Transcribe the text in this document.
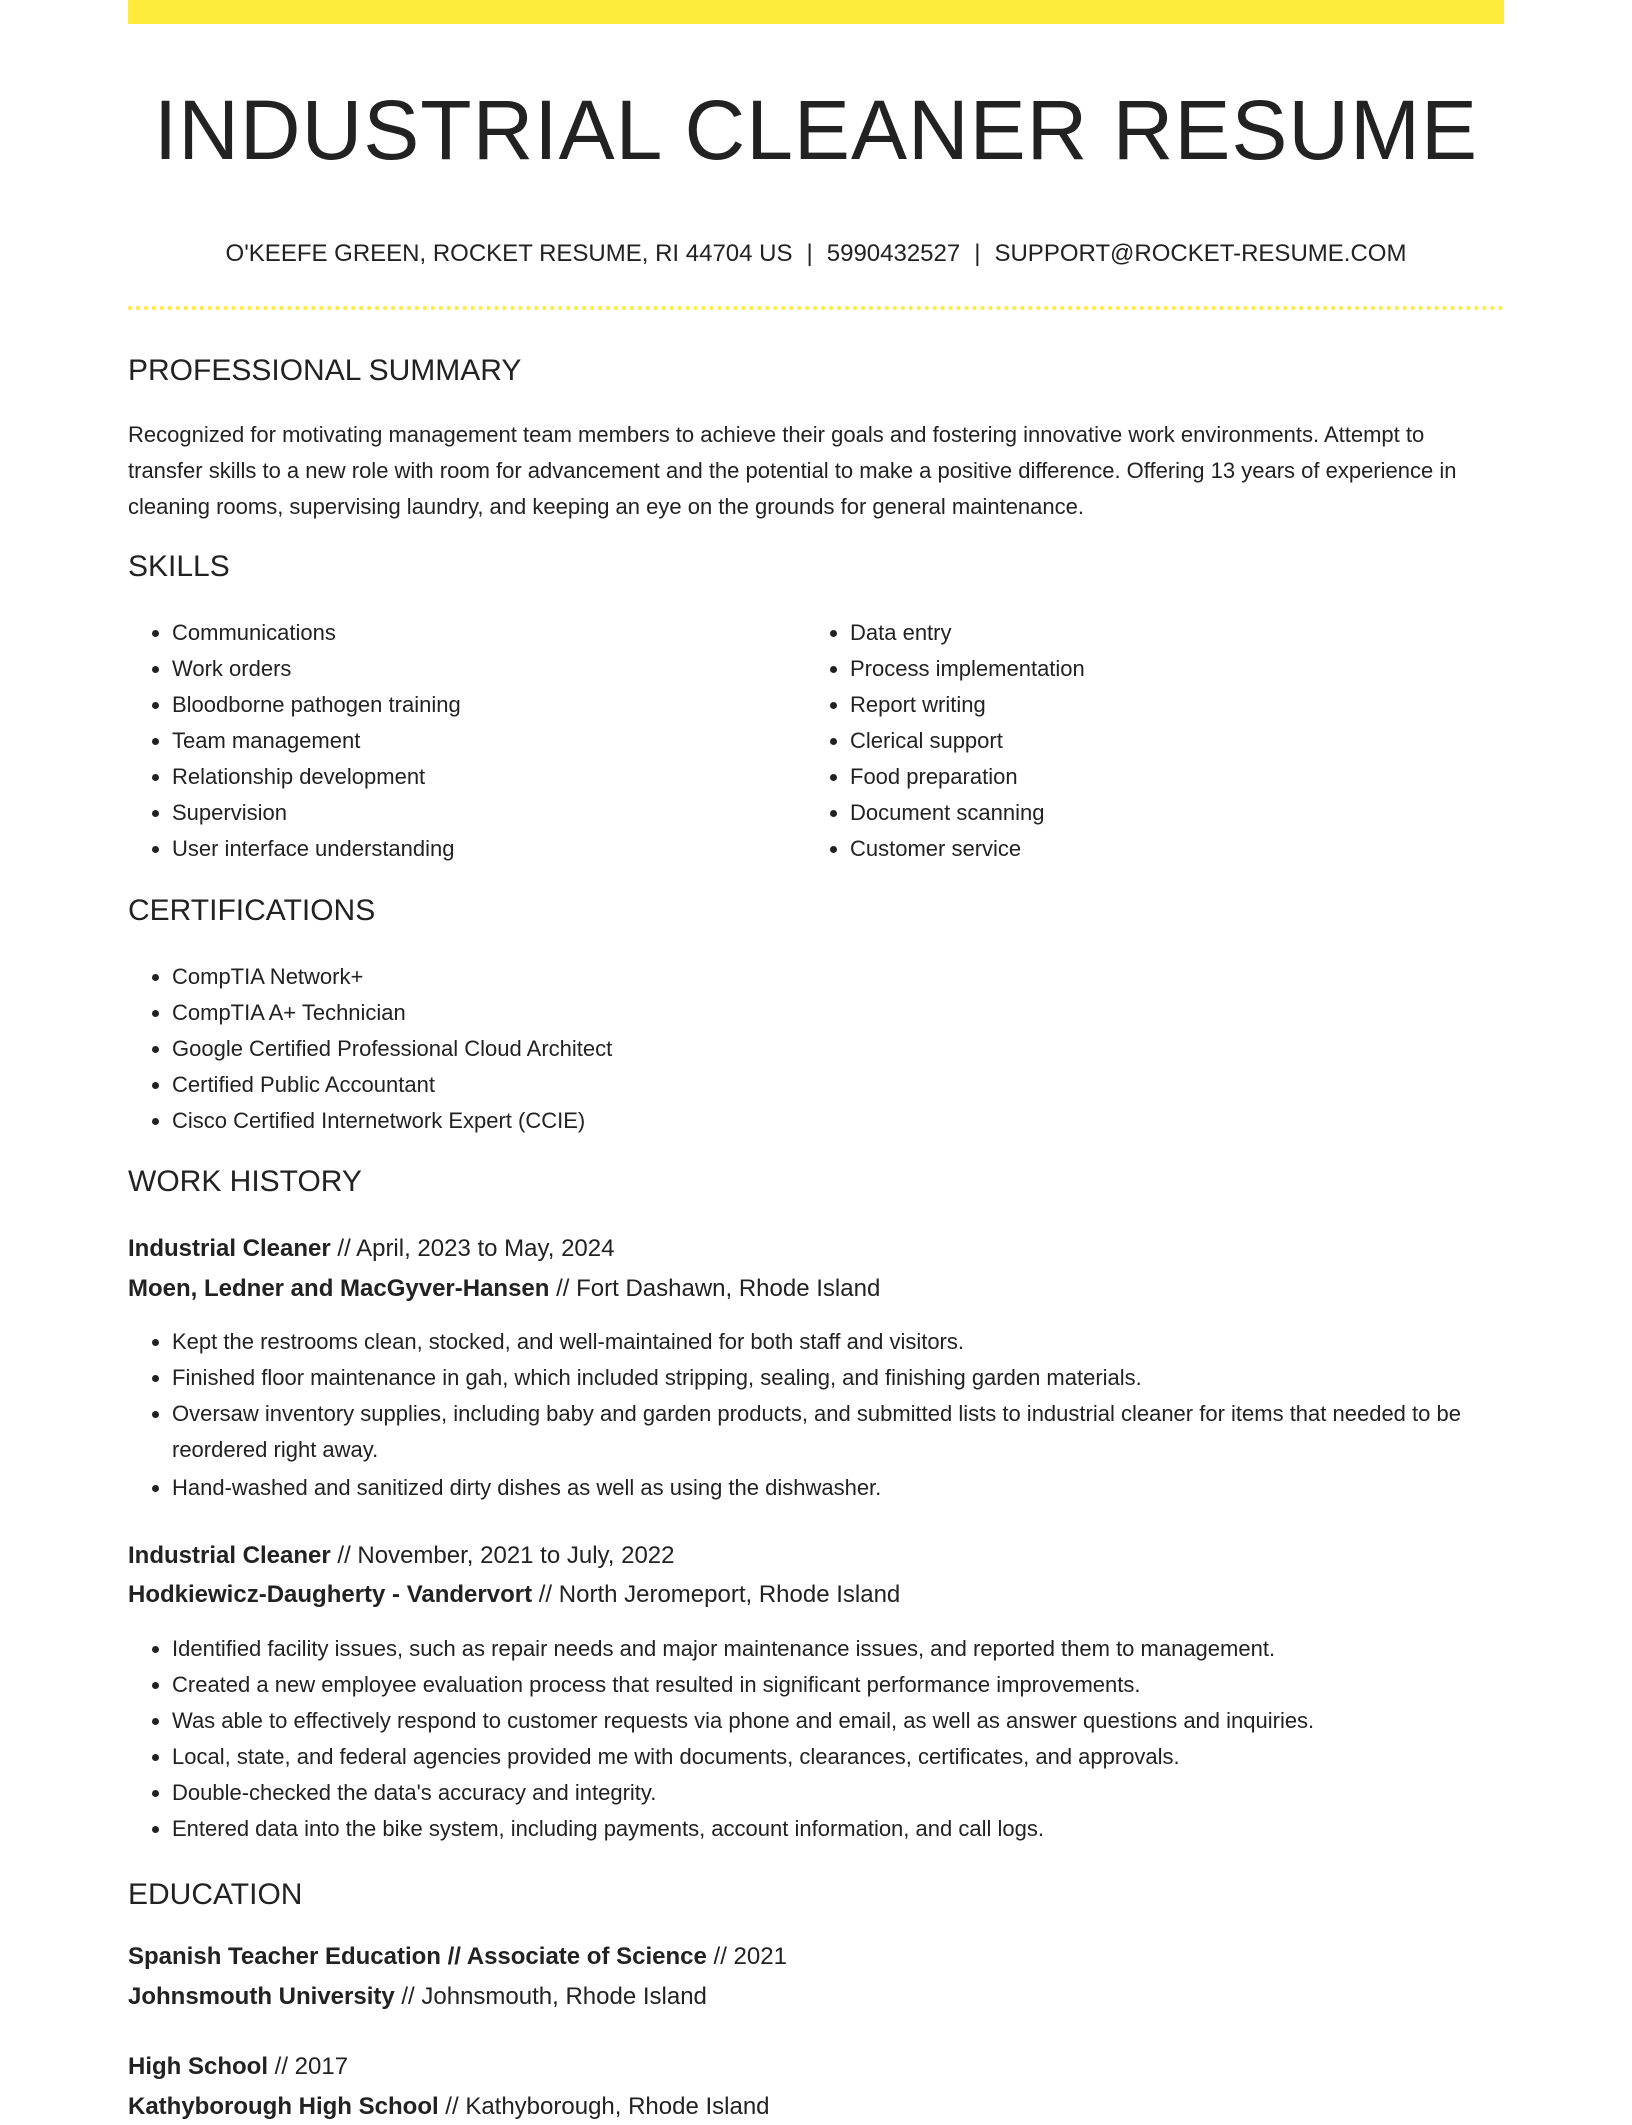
INDUSTRIAL CLEANER RESUME
O'KEEFE GREEN, ROCKET RESUME, RI 44704 US | 5990432527 | SUPPORT@ROCKET-RESUME.COM
PROFESSIONAL SUMMARY

Recognized for motivating management team members to achieve their goals and fostering innovative work environments. Attempt to transfer skills to a new role with room for advancement and the potential to make a positive difference. Offering 13 years of experience in cleaning rooms, supervising laundry, and keeping an eye on the grounds for general maintenance.

SKILLS
• Communications
• Work orders
• Bloodborne pathogen training
• Team management
• Relationship development
• Supervision
• User interface understanding
• Data entry
• Process implementation
• Report writing
• Clerical support
• Food preparation
• Document scanning
• Customer service
CERTIFICATIONS
• CompTIA Network+
• CompTIA A+ Technician
• Google Certified Professional Cloud Architect
• Certified Public Accountant
• Cisco Certified Internetwork Expert (CCIE)
WORK HISTORY
Industrial Cleaner // April, 2023 to May, 2024
Moen, Ledner and MacGyver-Hansen // Fort Dashawn, Rhode Island
• Kept the restrooms clean, stocked, and well-maintained for both staff and visitors.
• Finished floor maintenance in gah, which included stripping, sealing, and finishing garden materials.
• Oversaw inventory supplies, including baby and garden products, and submitted lists to industrial cleaner for items that needed to be reordered right away.
• Hand-washed and sanitized dirty dishes as well as using the dishwasher.
Industrial Cleaner // November, 2021 to July, 2022
Hodkiewicz-Daugherty - Vandervort // North Jeromeport, Rhode Island
• Identified facility issues, such as repair needs and major maintenance issues, and reported them to management.
• Created a new employee evaluation process that resulted in significant performance improvements.
• Was able to effectively respond to customer requests via phone and email, as well as answer questions and inquiries.
• Local, state, and federal agencies provided me with documents, clearances, certificates, and approvals.
• Double-checked the data's accuracy and integrity.
• Entered data into the bike system, including payments, account information, and call logs.
EDUCATION
Spanish Teacher Education // Associate of Science // 2021
Johnsmouth University // Johnsmouth, Rhode Island
High School // 2017
Kathyborough High School // Kathyborough, Rhode Island
